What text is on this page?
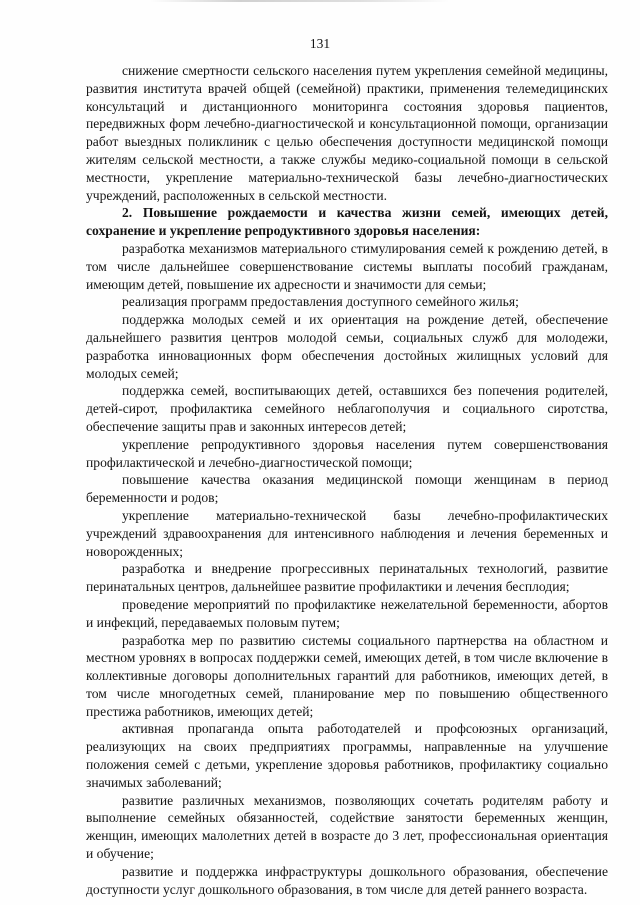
131

снижение смертности сельского населения путем укрепления семейной медицины, развития института врачей общей (семейной) практики, применения телемедицинских консультаций и дистанционного мониторинга состояния здоровья пациентов, передвижных форм лечебно-диагностической и консультационной помощи, организации работ выездных поликлиник с целью обеспечения доступности медицинской помощи жителям сельской местности, а также службы медико-социальной помощи в сельской местности, укрепление материально-технической базы лечебно-диагностических учреждений, расположенных в сельской местности.

2. Повышение рождаемости и качества жизни семей, имеющих детей, сохранение и укрепление репродуктивного здоровья населения:

разработка механизмов материального стимулирования семей к рождению детей, в том числе дальнейшее совершенствование системы выплаты пособий гражданам, имеющим детей, повышение их адресности и значимости для семьи;

реализация программ предоставления доступного семейного жилья;

поддержка молодых семей и их ориентация на рождение детей, обеспечение дальнейшего развития центров молодой семьи, социальных служб для молодежи, разработка инновационных форм обеспечения достойных жилищных условий для молодых семей;

поддержка семей, воспитывающих детей, оставшихся без попечения родителей, детей-сирот, профилактика семейного неблагополучия и социального сиротства, обеспечение защиты прав и законных интересов детей;

укрепление репродуктивного здоровья населения путем совершенствования профилактической и лечебно-диагностической помощи;

повышение качества оказания медицинской помощи женщинам в период беременности и родов;

укрепление материально-технической базы лечебно-профилактических учреждений здравоохранения для интенсивного наблюдения и лечения беременных и новорожденных;

разработка и внедрение прогрессивных перинатальных технологий, развитие перинатальных центров, дальнейшее развитие профилактики и лечения бесплодия;

проведение мероприятий по профилактике нежелательной беременности, абортов и инфекций, передаваемых половым путем;

разработка мер по развитию системы социального партнерства на областном и местном уровнях в вопросах поддержки семей, имеющих детей, в том числе включение в коллективные договоры дополнительных гарантий для работников, имеющих детей, в том числе многодетных семей, планирование мер по повышению общественного престижа работников, имеющих детей;

активная пропаганда опыта работодателей и профсоюзных организаций, реализующих на своих предприятиях программы, направленные на улучшение положения семей с детьми, укрепление здоровья работников, профилактику социально значимых заболеваний;

развитие различных механизмов, позволяющих сочетать родителям работу и выполнение семейных обязанностей, содействие занятости беременных женщин, женщин, имеющих малолетних детей в возрасте до 3 лет, профессиональная ориентация и обучение;

развитие и поддержка инфраструктуры дошкольного образования, обеспечение доступности услуг дошкольного образования, в том числе для детей раннего возраста.
